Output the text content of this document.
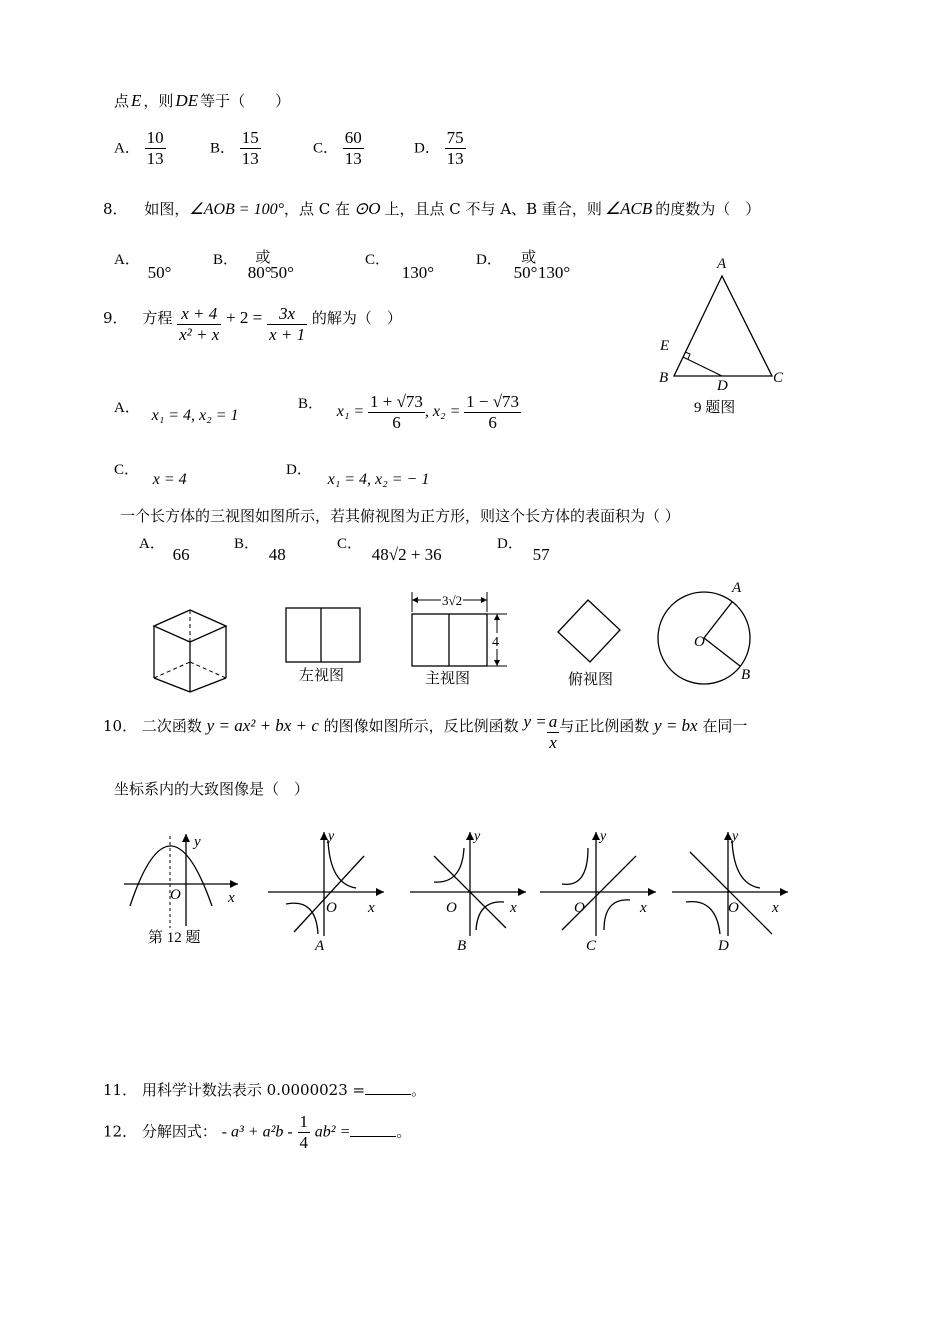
点 E ，则 DE 等于（　　）
A． $\frac{10}{13}$	B． $\frac{15}{13}$	C． $\frac{60}{13}$	D． $\frac{75}{13}$
8． 如图，∠AOB = 100°，点 C 在 ⊙O 上，且点 C 不与 A、B 重合，则 ∠ACB 的度数为（　）
A． 50°
B． 80° 或 50°
C． 130°
D． 50° 或 130°
9． 方程 $\frac{x + 4}{\text{x² + x}} + 2 = \frac{3x}{x + 1}$ 的解为（　）
A． x₁ = 4, x₂ = 1
B． $x_1 = \frac{1 + √73}{6}$ , $x_2 = \frac{1 - √73}{6}$
C． x = 4
D． x₁ = 4, x₂ = − 1
A
E
B	D	C
9 题图
一个长方体的三视图如图所示，若其俯视图为正方形，则这个长方体的表面积为（ ）
A． 66
B． 48
C． 48√2 + 36
D． 57
左视图
3√2
4
主视图	俯视图
A
O
B
10． 二次函数 y = ax² + bx + c 的图像如图所示，反比例函数 $y = \frac{a}{x}$ 与正比例函数 y = bx 在同一
坐标系内的大致图像是（　）
y
x
O
第 12 题
y
x
O
A
y
x
O
B
y
x
O
C
y
x
O
D
11． 用科学计数法表示 0.0000023 =	。
12． 分解因式： - $a^3 + a^2b - \frac{1}{4} ab^2$ =	。
